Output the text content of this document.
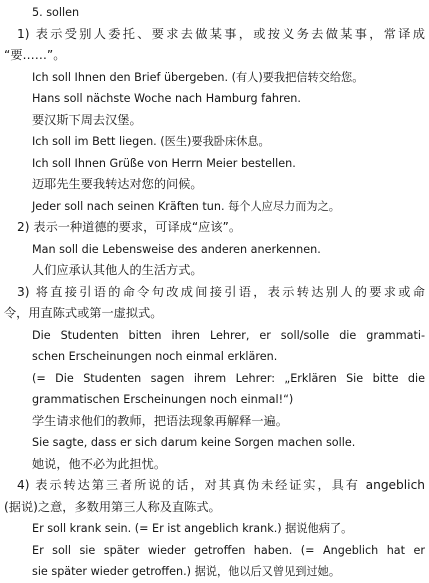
5. sollen
1) 表示受别人委托、要求去做某事，或按义务去做某事，常译成
“要……”。
Ich soll Ihnen den Brief übergeben. (有人)要我把信转交给您。
Hans soll nächste Woche nach Hamburg fahren.
要汉斯下周去汉堡。
Ich soll im Bett liegen. (医生)要我卧床休息。
Ich soll Ihnen Grüße von Herrn Meier bestellen.
迈耶先生要我转达对您的问候。
Jeder soll nach seinen Kräften tun. 每个人应尽力而为之。
2) 表示一种道德的要求，可译成“应该”。
Man soll die Lebensweise des anderen anerkennen.
人们应承认其他人的生活方式。
3) 将直接引语的命令句改成间接引语，表示转达别人的要求或命
令，用直陈式或第一虚拟式。
Die Studenten bitten ihren Lehrer, er soll/solle die grammati-
schen Erscheinungen noch einmal erklären.
(= Die Studenten sagen ihrem Lehrer: „Erklären Sie bitte die
grammatischen Erscheinungen noch einmal!“)
学生请求他们的教师，把语法现象再解释一遍。
Sie sagte, dass er sich darum keine Sorgen machen solle.
她说，他不必为此担忧。
4) 表示转达第三者所说的话，对其真伪未经证实，具有 angeblich
(据说)之意，多数用第三人称及直陈式。
Er soll krank sein. (= Er ist angeblich krank.) 据说他病了。
Er soll sie später wieder getroffen haben. (= Angeblich hat er
sie später wieder getroffen.) 据说，他以后又曾见到过她。
